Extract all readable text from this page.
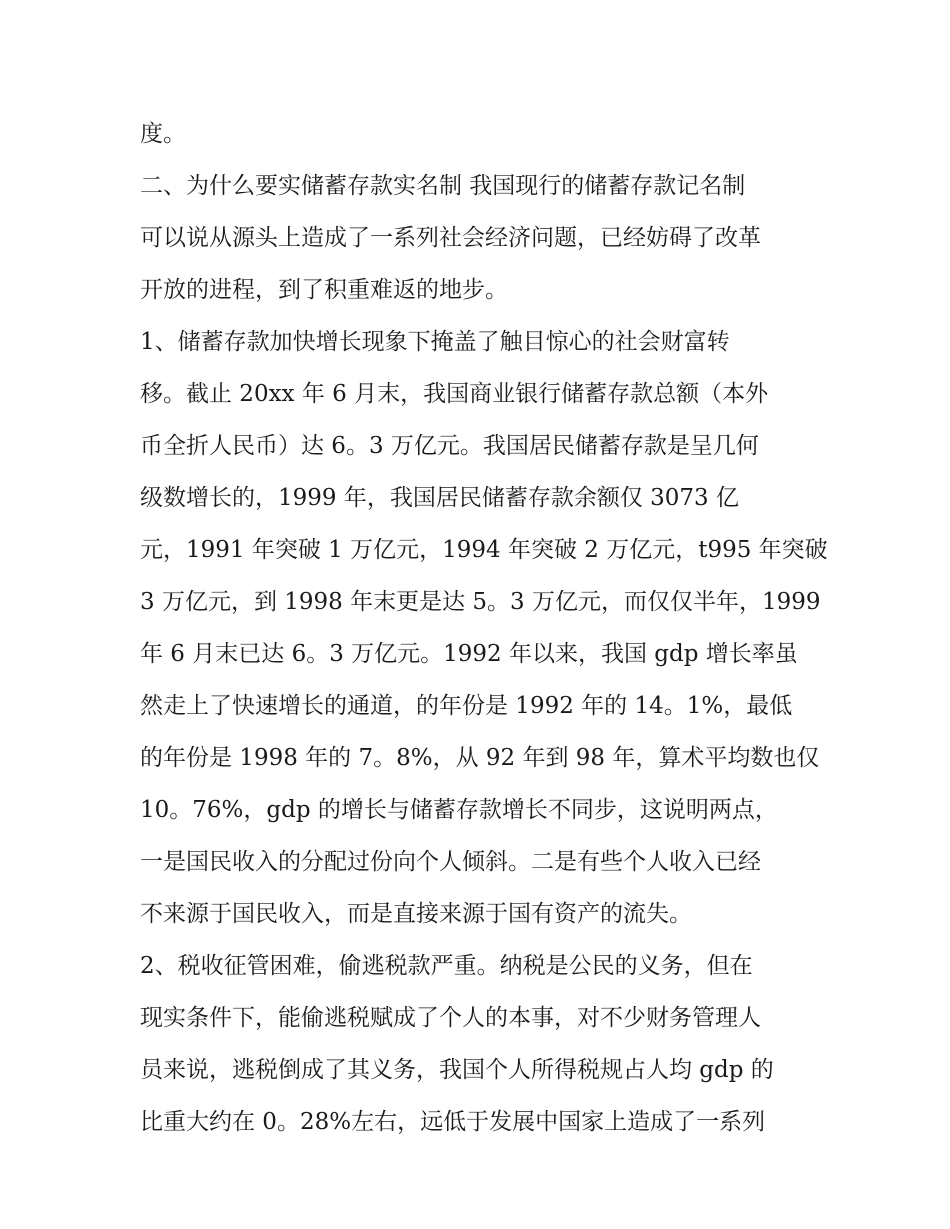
度。
二、为什么要实储蓄存款实名制 我国现行的储蓄存款记名制
可以说从源头上造成了一系列社会经济问题，已经妨碍了改革
开放的进程，到了积重难返的地步。
1、储蓄存款加快增长现象下掩盖了触目惊心的社会财富转
移。截止 20xx 年 6 月末，我国商业银行储蓄存款总额（本外
币全折人民币）达 6。3 万亿元。我国居民储蓄存款是呈几何
级数增长的，1999 年，我国居民储蓄存款余额仅 3073 亿
元，1991 年突破 1 万亿元，1994 年突破 2 万亿元，t995 年突破
3 万亿元，到 1998 年末更是达 5。3 万亿元，而仅仅半年，1999
年 6 月末已达 6。3 万亿元。1992 年以来，我国 gdp 增长率虽
然走上了快速增长的通道，的年份是 1992 年的 14。1%，最低
的年份是 1998 年的 7。8%，从 92 年到 98 年，算术平均数也仅
10。76%，gdp 的增长与储蓄存款增长不同步，这说明两点，
一是国民收入的分配过份向个人倾斜。二是有些个人收入已经
不来源于国民收入，而是直接来源于国有资产的流失。
2、税收征管困难，偷逃税款严重。纳税是公民的义务，但在
现实条件下，能偷逃税赋成了个人的本事，对不少财务管理人
员来说，逃税倒成了其义务，我国个人所得税规占人均 gdp 的
比重大约在 0。28%左右，远低于发展中国家上造成了一系列
